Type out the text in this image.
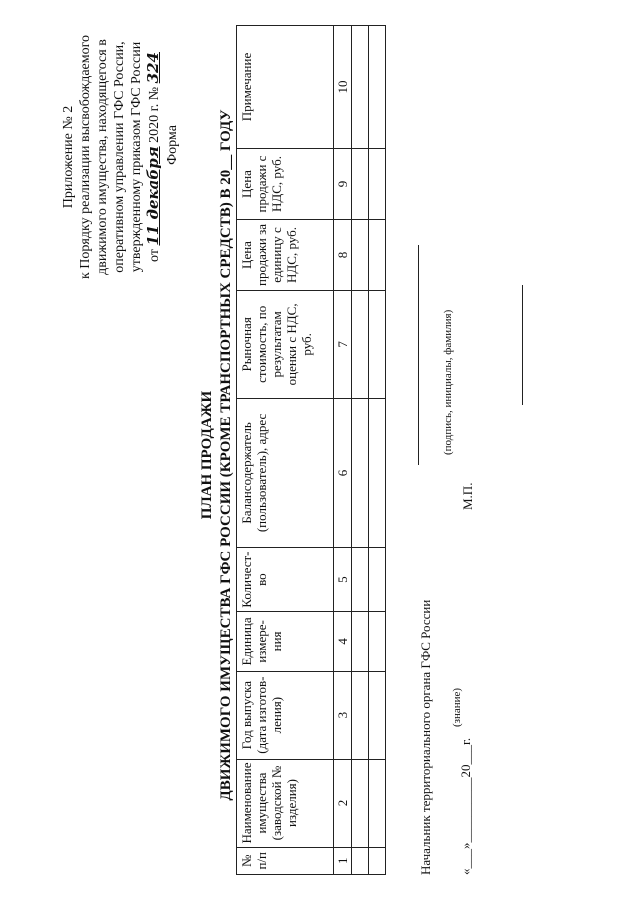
Приложение № 2 к Порядку реализации высвобождаемого движимого имущества, находящегося в оперативном управлении ГФС России, утвержденному приказом ГФС России от 11 декабря 2020 г. № 324
Форма
ПЛАН ПРОДАЖИ ДВИЖИМОГО ИМУЩЕСТВА ГФС РОССИИ (КРОМЕ ТРАНСПОРТНЫХ СРЕДСТВ) В 20__ ГОДУ
№ п/п	Наименование имущества (заводской № изделия)	Год выпуска (дата изготов-ления)	Единица измере-ния	Количест-во	Балансодержатель (пользователь), адрес	Рыночная стоимость, по результатам оценки с НДС, руб.	Цена продажи за единицу с НДС, руб.	Цена продажи с НДС, руб.	Примечание
1	2	3	4	5	6	7	8	9	10

Начальник территориального органа ГФС России
(подпись, инициалы, фамилия)
М.П.
(знание)
«___»__________20___г.
